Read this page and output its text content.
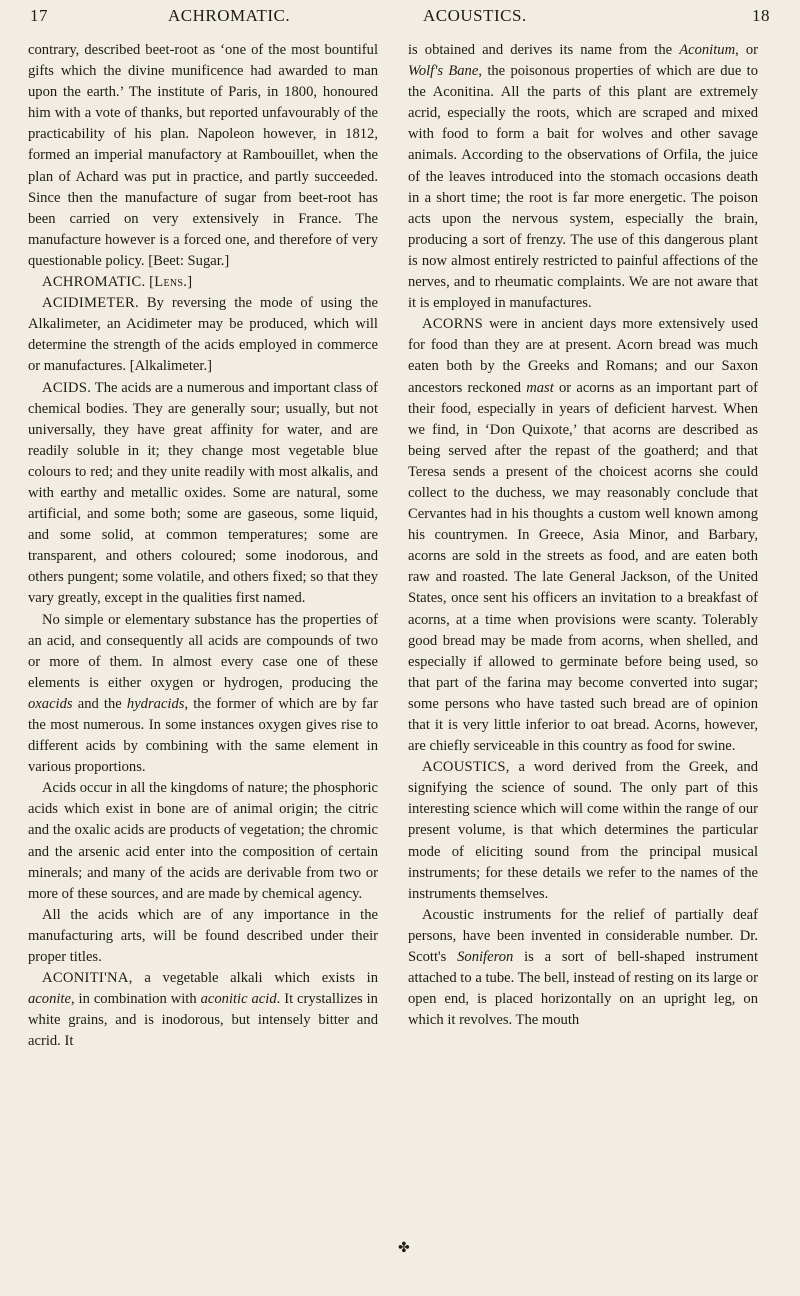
17	ACHROMATIC.	ACOUSTICS.	18

contrary, described beet-root as ‘one of the most bountiful gifts which the divine munificence had awarded to man upon the earth.’ The institute of Paris, in 1800, honoured him with a vote of thanks, but reported unfavourably of the practicability of his plan. Napoleon however, in 1812, formed an imperial manufactory at Rambouillet, when the plan of Achard was put in practice, and partly succeeded. Since then the manufacture of sugar from beet-root has been carried on very extensively in France. The manufacture however is a forced one, and therefore of very questionable policy. [Beet: Sugar.]

ACHROMATIC. [Lens.]

ACIDIMETER. By reversing the mode of using the Alkalimeter, an Acidimeter may be produced, which will determine the strength of the acids employed in commerce or manufactures. [Alkalimeter.]

ACIDS. The acids are a numerous and important class of chemical bodies. They are generally sour; usually, but not universally, they have great affinity for water, and are readily soluble in it; they change most vegetable blue colours to red; and they unite readily with most alkalis, and with earthy and metallic oxides. Some are natural, some artificial, and some both; some are gaseous, some liquid, and some solid, at common temperatures; some are transparent, and others coloured; some inodorous, and others pungent; some volatile, and others fixed; so that they vary greatly, except in the qualities first named.

No simple or elementary substance has the properties of an acid, and consequently all acids are compounds of two or more of them. In almost every case one of these elements is either oxygen or hydrogen, producing the oxacids and the hydracids, the former of which are by far the most numerous. In some instances oxygen gives rise to different acids by combining with the same element in various proportions.

Acids occur in all the kingdoms of nature; the phosphoric acids which exist in bone are of animal origin; the citric and the oxalic acids are products of vegetation; the chromic and the arsenic acid enter into the composition of certain minerals; and many of the acids are derivable from two or more of these sources, and are made by chemical agency.

All the acids which are of any importance in the manufacturing arts, will be found described under their proper titles.

ACONITI'NA, a vegetable alkali which exists in aconite, in combination with aconitic acid. It crystallizes in white grains, and is inodorous, but intensely bitter and acrid. It

is obtained and derives its name from the Aconitum, or Wolf's Bane, the poisonous properties of which are due to the Aconitina. All the parts of this plant are extremely acrid, especially the roots, which are scraped and mixed with food to form a bait for wolves and other savage animals. According to the observations of Orfila, the juice of the leaves introduced into the stomach occasions death in a short time; the root is far more energetic. The poison acts upon the nervous system, especially the brain, producing a sort of frenzy. The use of this dangerous plant is now almost entirely restricted to painful affections of the nerves, and to rheumatic complaints. We are not aware that it is employed in manufactures.

ACORNS were in ancient days more extensively used for food than they are at present. Acorn bread was much eaten both by the Greeks and Romans; and our Saxon ancestors reckoned mast or acorns as an important part of their food, especially in years of deficient harvest. When we find, in ‘Don Quixote,’ that acorns are described as being served after the repast of the goatherd; and that Teresa sends a present of the choicest acorns she could collect to the duchess, we may reasonably conclude that Cervantes had in his thoughts a custom well known among his countrymen. In Greece, Asia Minor, and Barbary, acorns are sold in the streets as food, and are eaten both raw and roasted. The late General Jackson, of the United States, once sent his officers an invitation to a breakfast of acorns, at a time when provisions were scanty. Tolerably good bread may be made from acorns, when shelled, and especially if allowed to germinate before being used, so that part of the farina may become converted into sugar; some persons who have tasted such bread are of opinion that it is very little inferior to oat bread. Acorns, however, are chiefly serviceable in this country as food for swine.

ACOUSTICS, a word derived from the Greek, and signifying the science of sound. The only part of this interesting science which will come within the range of our present volume, is that which determines the particular mode of eliciting sound from the principal musical instruments; for these details we refer to the names of the instruments themselves.

Acoustic instruments for the relief of partially deaf persons, have been invented in considerable number. Dr. Scott's Soniferon is a sort of bell-shaped instrument attached to a tube. The bell, instead of resting on its large or open end, is placed horizontally on an upright leg, on which it revolves. The mouth

✤
